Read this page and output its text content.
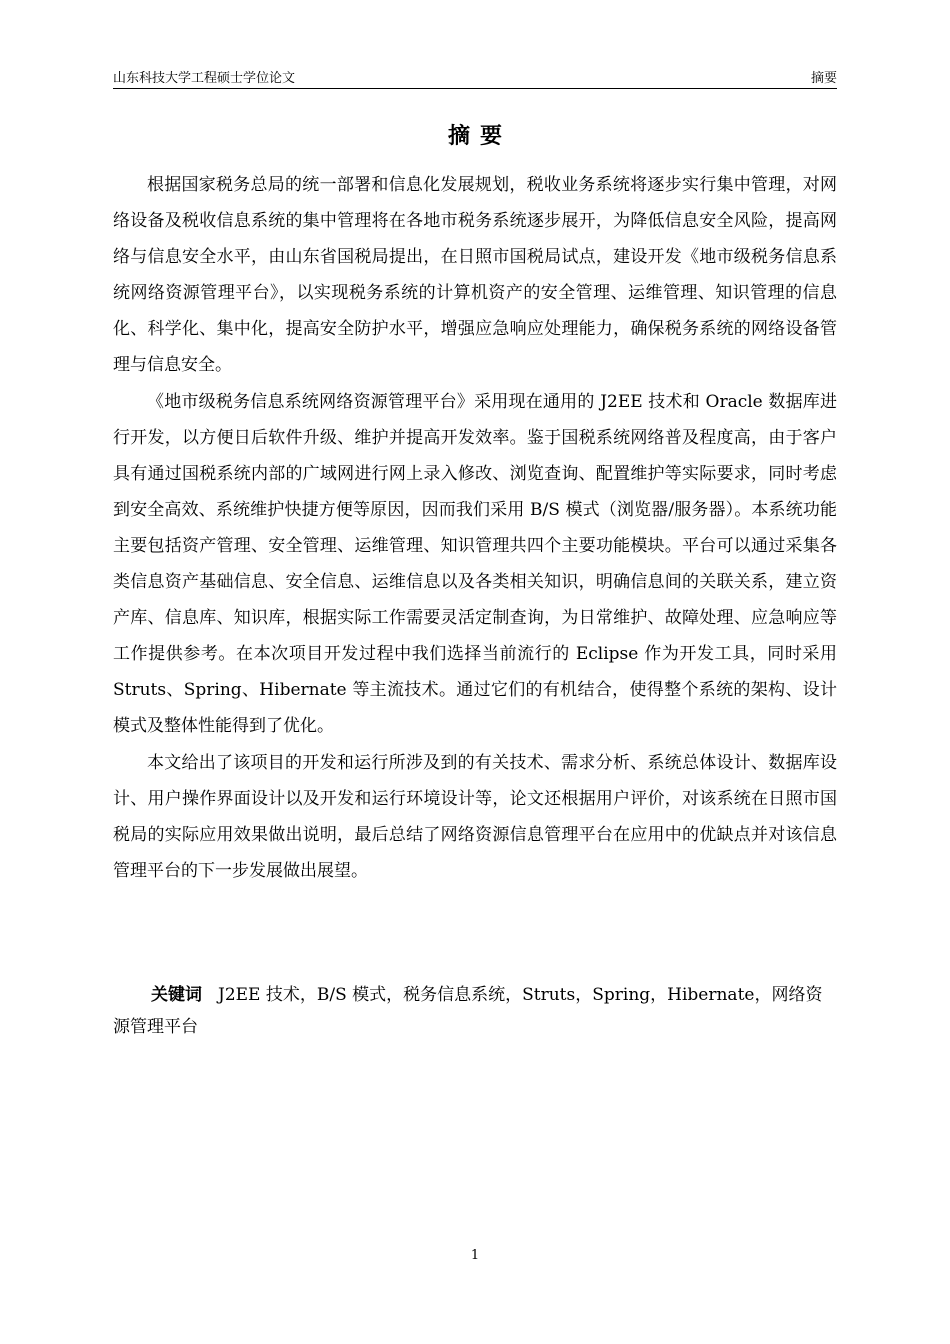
山东科技大学工程硕士学位论文	摘要
摘要

根据国家税务总局的统一部署和信息化发展规划，税收业务系统将逐步实行集中管理，对网络设备及税收信息系统的集中管理将在各地市税务系统逐步展开，为降低信息安全风险，提高网络与信息安全水平，由山东省国税局提出，在日照市国税局试点，建设开发《地市级税务信息系统网络资源管理平台》，以实现税务系统的计算机资产的安全管理、运维管理、知识管理的信息化、科学化、集中化，提高安全防护水平，增强应急响应处理能力，确保税务系统的网络设备管理与信息安全。

《地市级税务信息系统网络资源管理平台》采用现在通用的 J2EE 技术和 Oracle 数据库进行开发，以方便日后软件升级、维护并提高开发效率。鉴于国税系统网络普及程度高，由于客户具有通过国税系统内部的广域网进行网上录入修改、浏览查询、配置维护等实际要求，同时考虑到安全高效、系统维护快捷方便等原因，因而我们采用 B/S 模式（浏览器/服务器）。本系统功能主要包括资产管理、安全管理、运维管理、知识管理共四个主要功能模块。平台可以通过采集各类信息资产基础信息、安全信息、运维信息以及各类相关知识，明确信息间的关联关系，建立资产库、信息库、知识库，根据实际工作需要灵活定制查询，为日常维护、故障处理、应急响应等工作提供参考。在本次项目开发过程中我们选择当前流行的 Eclipse 作为开发工具，同时采用 Struts、Spring、Hibernate 等主流技术。通过它们的有机结合，使得整个系统的架构、设计模式及整体性能得到了优化。

本文给出了该项目的开发和运行所涉及到的有关技术、需求分析、系统总体设计、数据库设计、用户操作界面设计以及开发和运行环境设计等，论文还根据用户评价，对该系统在日照市国税局的实际应用效果做出说明，最后总结了网络资源信息管理平台在应用中的优缺点并对该信息管理平台的下一步发展做出展望。

关键词 J2EE 技术，B/S 模式，税务信息系统，Struts，Spring，Hibernate，网络资源管理平台
1
